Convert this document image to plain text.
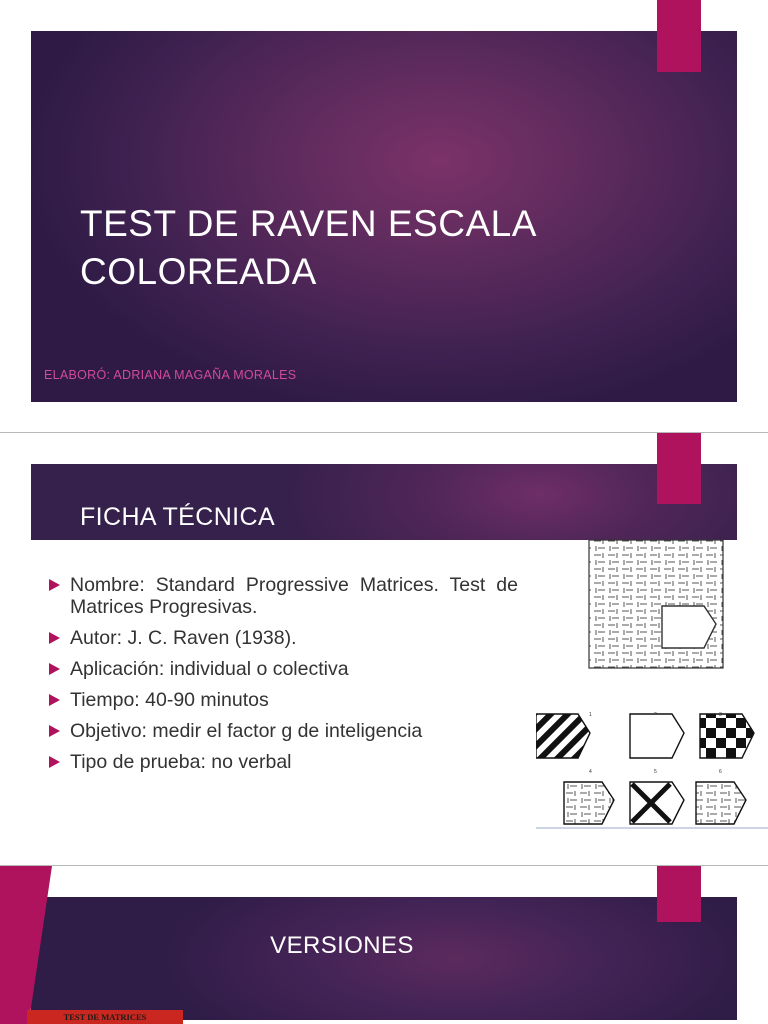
TEST DE RAVEN ESCALA
COLOREADA
ELABORÓ: ADRIANA MAGAÑA MORALES
FICHA TÉCNICA
Nombre: Standard Progressive Matrices. Test de Matrices Progresivas.
Autor: J. C. Raven (1938).
Aplicación: individual o colectiva
Tiempo: 40-90 minutos
Objetivo: medir el factor g de inteligencia
Tipo de prueba: no verbal
1
4	5	6
VERSIONES
TEST DE MATRICES
